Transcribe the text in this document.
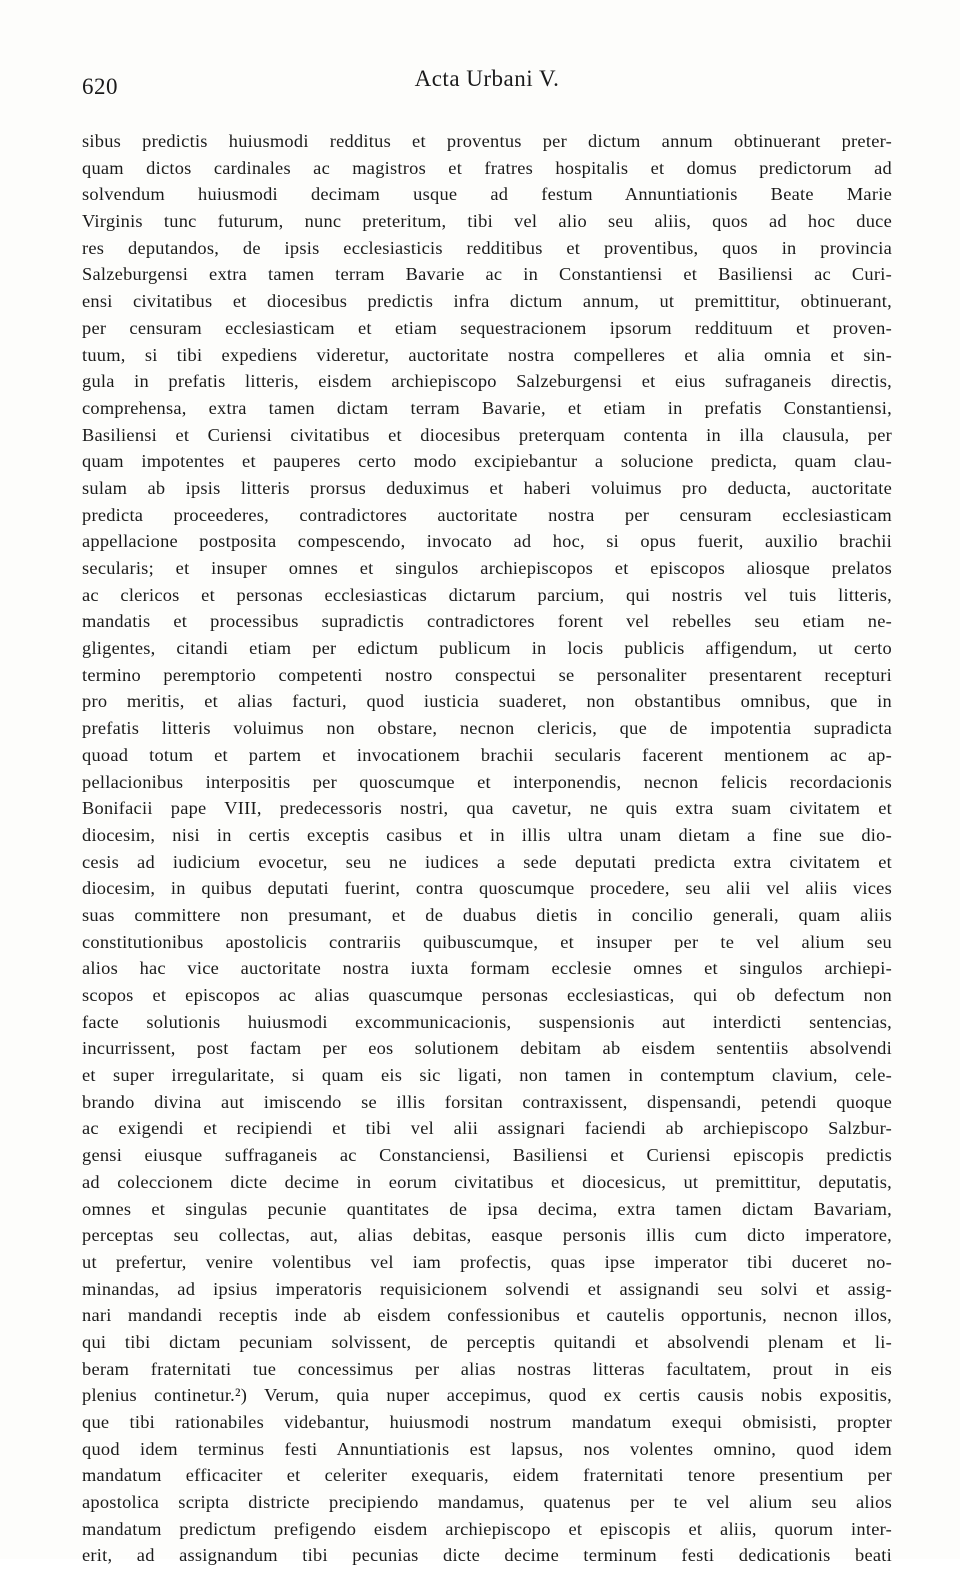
620	Acta Urbani V.
sibus predictis huiusmodi redditus et proventus per dictum annum obtinuerant preter-
quam dictos cardinales ac magistros et fratres hospitalis et domus predictorum ad
solvendum huiusmodi decimam usque ad festum Annuntiationis Beate Marie
Virginis tunc futurum, nunc preteritum, tibi vel alio seu aliis, quos ad hoc duce
res deputandos, de ipsis ecclesiasticis redditibus et proventibus, quos in provincia
Salzeburgensi extra tamen terram Bavarie ac in Constantiensi et Basiliensi ac Curi-
ensi civitatibus et diocesibus predictis infra dictum annum, ut premittitur, obtinuerant,
per censuram ecclesiasticam et etiam sequestracionem ipsorum reddituum et proven-
tuum, si tibi expediens videretur, auctoritate nostra compelleres et alia omnia et sin-
gula in prefatis litteris, eisdem archiepiscopo Salzeburgensi et eius sufraganeis directis,
comprehensa, extra tamen dictam terram Bavarie, et etiam in prefatis Constantiensi,
Basiliensi et Curiensi civitatibus et diocesibus preterquam contenta in illa clausula, per
quam impotentes et pauperes certo modo excipiebantur a solucione predicta, quam clau-
sulam ab ipsis litteris prorsus deduximus et haberi voluimus pro deducta, auctoritate
predicta proceederes, contradictores auctoritate nostra per censuram ecclesiasticam
appellacione postposita compescendo, invocato ad hoc, si opus fuerit, auxilio brachii
secularis; et insuper omnes et singulos archiepiscopos et episcopos aliosque prelatos
ac clericos et personas ecclesiasticas dictarum parcium, qui nostris vel tuis litteris,
mandatis et processibus supradictis contradictores forent vel rebelles seu etiam ne-
gligentes, citandi etiam per edictum publicum in locis publicis affigendum, ut certo
termino peremptorio competenti nostro conspectui se personaliter presentarent recepturi
pro meritis, et alias facturi, quod iusticia suaderet, non obstantibus omnibus, que in
prefatis litteris voluimus non obstare, necnon clericis, que de impotentia supradicta
quoad totum et partem et invocationem brachii secularis facerent mentionem ac ap-
pellacionibus interpositis per quoscumque et interponendis, necnon felicis recordacionis
Bonifacii pape VIII, predecessoris nostri, qua cavetur, ne quis extra suam civitatem et
diocesim, nisi in certis exceptis casibus et in illis ultra unam dietam a fine sue dio-
cesis ad iudicium evocetur, seu ne iudices a sede deputati predicta extra civitatem et
diocesim, in quibus deputati fuerint, contra quoscumque procedere, seu alii vel aliis vices
suas committere non presumant, et de duabus dietis in concilio generali, quam aliis
constitutionibus apostolicis contrariis quibuscumque, et insuper per te vel alium seu
alios hac vice auctoritate nostra iuxta formam ecclesie omnes et singulos archiepi-
scopos et episcopos ac alias quascumque personas ecclesiasticas, qui ob defectum non
facte solutionis huiusmodi excommunicacionis, suspensionis aut interdicti sentencias,
incurrissent, post factam per eos solutionem debitam ab eisdem sententiis absolvendi
et super irregularitate, si quam eis sic ligati, non tamen in contemptum clavium, cele-
brando divina aut imiscendo se illis forsitan contraxissent, dispensandi, petendi quoque
ac exigendi et recipiendi et tibi vel alii assignari faciendi ab archiepiscopo Salzbur-
gensi eiusque suffraganeis ac Constanciensi, Basiliensi et Curiensi episcopis predictis
ad coleccionem dicte decime in eorum civitatibus et diocesicus, ut premittitur, deputatis,
omnes et singulas pecunie quantitates de ipsa decima, extra tamen dictam Bavariam,
perceptas seu collectas, aut, alias debitas, easque personis illis cum dicto imperatore,
ut prefertur, venire volentibus vel iam profectis, quas ipse imperator tibi duceret no-
minandas, ad ipsius imperatoris requisicionem solvendi et assignandi seu solvi et assig-
nari mandandi receptis inde ab eisdem confessionibus et cautelis opportunis, necnon illos,
qui tibi dictam pecuniam solvissent, de perceptis quitandi et absolvendi plenam et li-
beram fraternitati tue concessimus per alias nostras litteras facultatem, prout in eis
plenius continetur.²) Verum, quia nuper accepimus, quod ex certis causis nobis expositis,
que tibi rationabiles videbantur, huiusmodi nostrum mandatum exequi obmisisti, propter
quod idem terminus festi Annuntiationis est lapsus, nos volentes omnino, quod idem
mandatum efficaciter et celeriter exequaris, eidem fraternitati tenore presentium per
apostolica scripta districte precipiendo mandamus, quatenus per te vel alium seu alios
mandatum predictum prefigendo eisdem archiepiscopo et episcopis et aliis, quorum inter-
erit, ad assignandum tibi pecunias dicte decime terminum festi dedicationis beati
